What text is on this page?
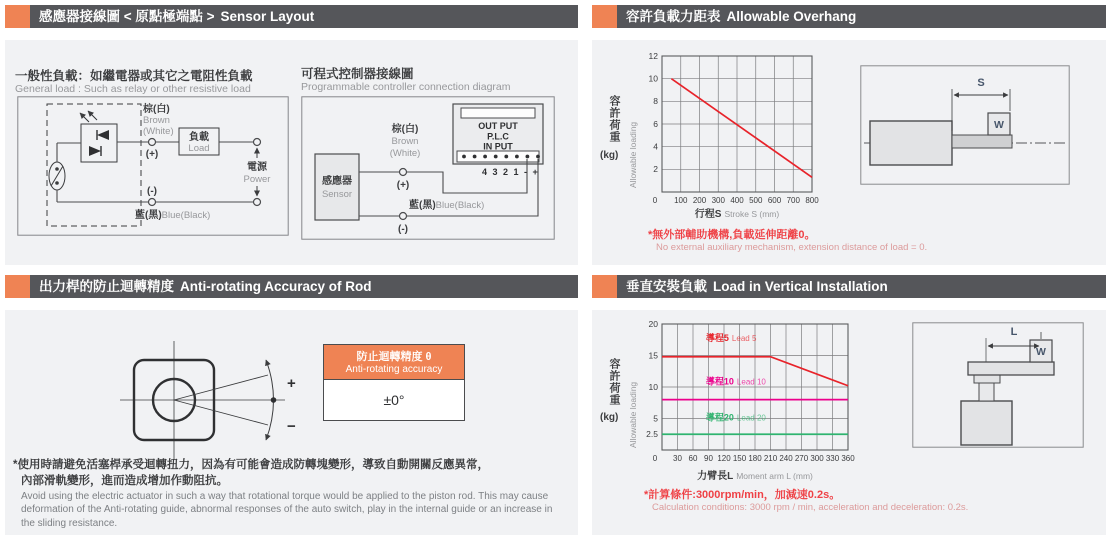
感應器接線圖 < 原點極端點 > Sensor Layout
一般性負載：如繼電器或其它之電阻性負載
General load : Such as relay or other resistive load
可程式控制器接線圖
Programmable controller connection diagram
負載
Load
電源
Power
棕(白)
Brown
(White)
(+)
(-)
藍(黑)Blue(Black)
感應器
Sensor
OUT PUT
P.L.C
IN PUT
4 3 2 1 - +
棕(白)
Brown
(White)
(+)
藍(黑)Blue(Black)
(-)
容許負載力距表 Allowable Overhang
容許荷重
(kg) Allowable loading
0 100 200 300 400 500 600 700 800
2
4
6
8
10
12
行程S Stroke S (mm)
S
W
*無外部輔助機構,負載延伸距離0。
No external auxiliary mechanism, extension distance of load = 0.
出力桿的防止迴轉精度 Anti-rotating Accuracy of Rod
+
−
防止迴轉精度 θ
Anti-rotating accuracy
±0°
*使用時請避免活塞桿承受迴轉扭力，因為有可能會造成防轉塊變形，導致自動開關反應異常，
內部滑軌變形，進而造成增加作動阻抗。
Avoid using the electric actuator in such a way that rotational torque would be applied to the piston rod. This may cause deformation of the Anti-rotating guide, abnormal responses of the auto switch, play in the internal guide or an increase in the sliding resistance.
垂直安裝負載 Load in Vertical Installation
容許荷重
(kg) Allowable loading
0 30 60 90 120 150 180 210 240 270 300 330 360
2.5
5
10
15
20
導程5 Lead 5
導程10 Lead 10
導程20 Lead 20
力臂長L Moment arm L (mm)
L
W
*計算條件:3000rpm/min，加減速0.2s。
Calculation conditions: 3000 rpm / min, acceleration and deceleration: 0.2s.
